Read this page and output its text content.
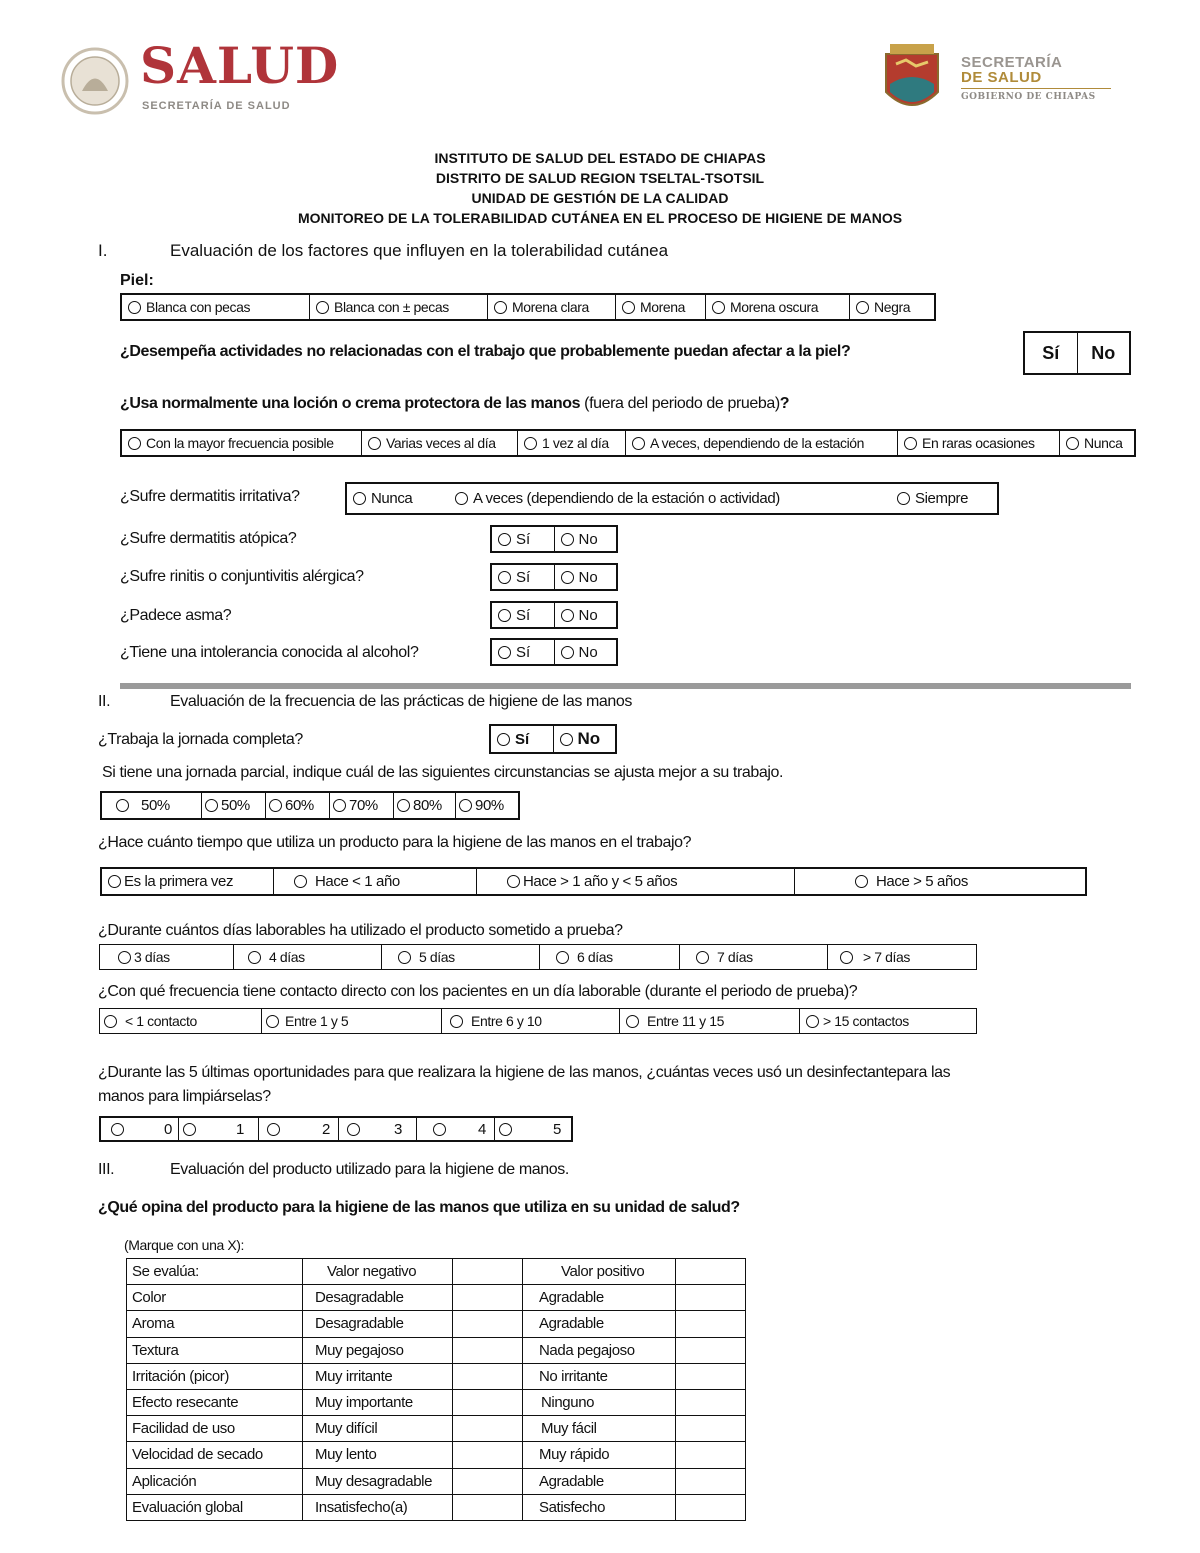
SALUD
SECRETARÍA DE SALUD
SECRETARÍA
DE SALUD
GOBIERNO DE CHIAPAS
INSTITUTO DE SALUD DEL ESTADO DE CHIAPAS
DISTRITO DE SALUD REGION TSELTAL-TSOTSIL
UNIDAD DE GESTIÓN DE LA CALIDAD
MONITOREO DE LA TOLERABILIDAD CUTÁNEA EN EL PROCESO DE HIGIENE DE MANOS
I.	Evaluación de los factores que influyen en la tolerabilidad cutánea
Piel:
Blanca con pecas	Blanca con ± pecas	Morena clara	Morena	Morena oscura	Negra
¿Desempeña actividades no relacionadas con el trabajo que probablemente puedan afectar a la piel?	Sí	No
¿Usa normalmente una loción o crema protectora de las manos (fuera del periodo de prueba)?
Con la mayor frecuencia posible	Varias veces al día	1 vez al día	A veces, dependiendo de la estación	En raras ocasiones	Nunca
¿Sufre dermatitis irritativa?	Nunca	A veces (dependiendo de la estación o actividad)	Siempre
¿Sufre dermatitis atópica?	Sí	No
¿Sufre rinitis o conjuntivitis alérgica?	Sí	No
¿Padece asma?	Sí	No
¿Tiene una intolerancia conocida al alcohol?	Sí	No
II.	Evaluación de la frecuencia de las prácticas de higiene de las manos
¿Trabaja la jornada completa?	Sí	No
Si tiene una jornada parcial, indique cuál de las siguientes circunstancias se ajusta mejor a su trabajo.
50%	50% 60% 70% 80% 90%
¿Hace cuánto tiempo que utiliza un producto para la higiene de las manos en el trabajo?
Es la primera vez	Hace < 1 año	Hace > 1 año y < 5 años	Hace > 5 años
¿Durante cuántos días laborables ha utilizado el producto sometido a prueba?
3 días	4 días	5 días	6 días	7 días	> 7 días
¿Con qué frecuencia tiene contacto directo con los pacientes en un día laborable (durante el periodo de prueba)?
< 1 contacto	Entre 1 y 5	Entre 6 y 10	Entre 11 y 15	> 15 contactos
¿Durante las 5 últimas oportunidades para que realizara la higiene de las manos, ¿cuántas veces usó un desinfectantepara las
manos para limpiárselas?
0	1	2	3	4	5
III.	Evaluación del producto utilizado para la higiene de manos.
¿Qué opina del producto para la higiene de las manos que utiliza en su unidad de salud?
(Marque con una X):
Se evalúa:	Valor negativo		Valor positivo	
Color	Desagradable		Agradable	
Aroma	Desagradable		Agradable	
Textura	Muy pegajoso		Nada pegajoso	
Irritación (picor)	Muy irritante		No irritante	
Efecto resecante	Muy importante		Ninguno	
Facilidad de uso	Muy difícil		Muy fácil	
Velocidad de secado	Muy lento		Muy rápido	
Aplicación	Muy desagradable		Agradable	
Evaluación global	Insatisfecho(a)		Satisfecho	
